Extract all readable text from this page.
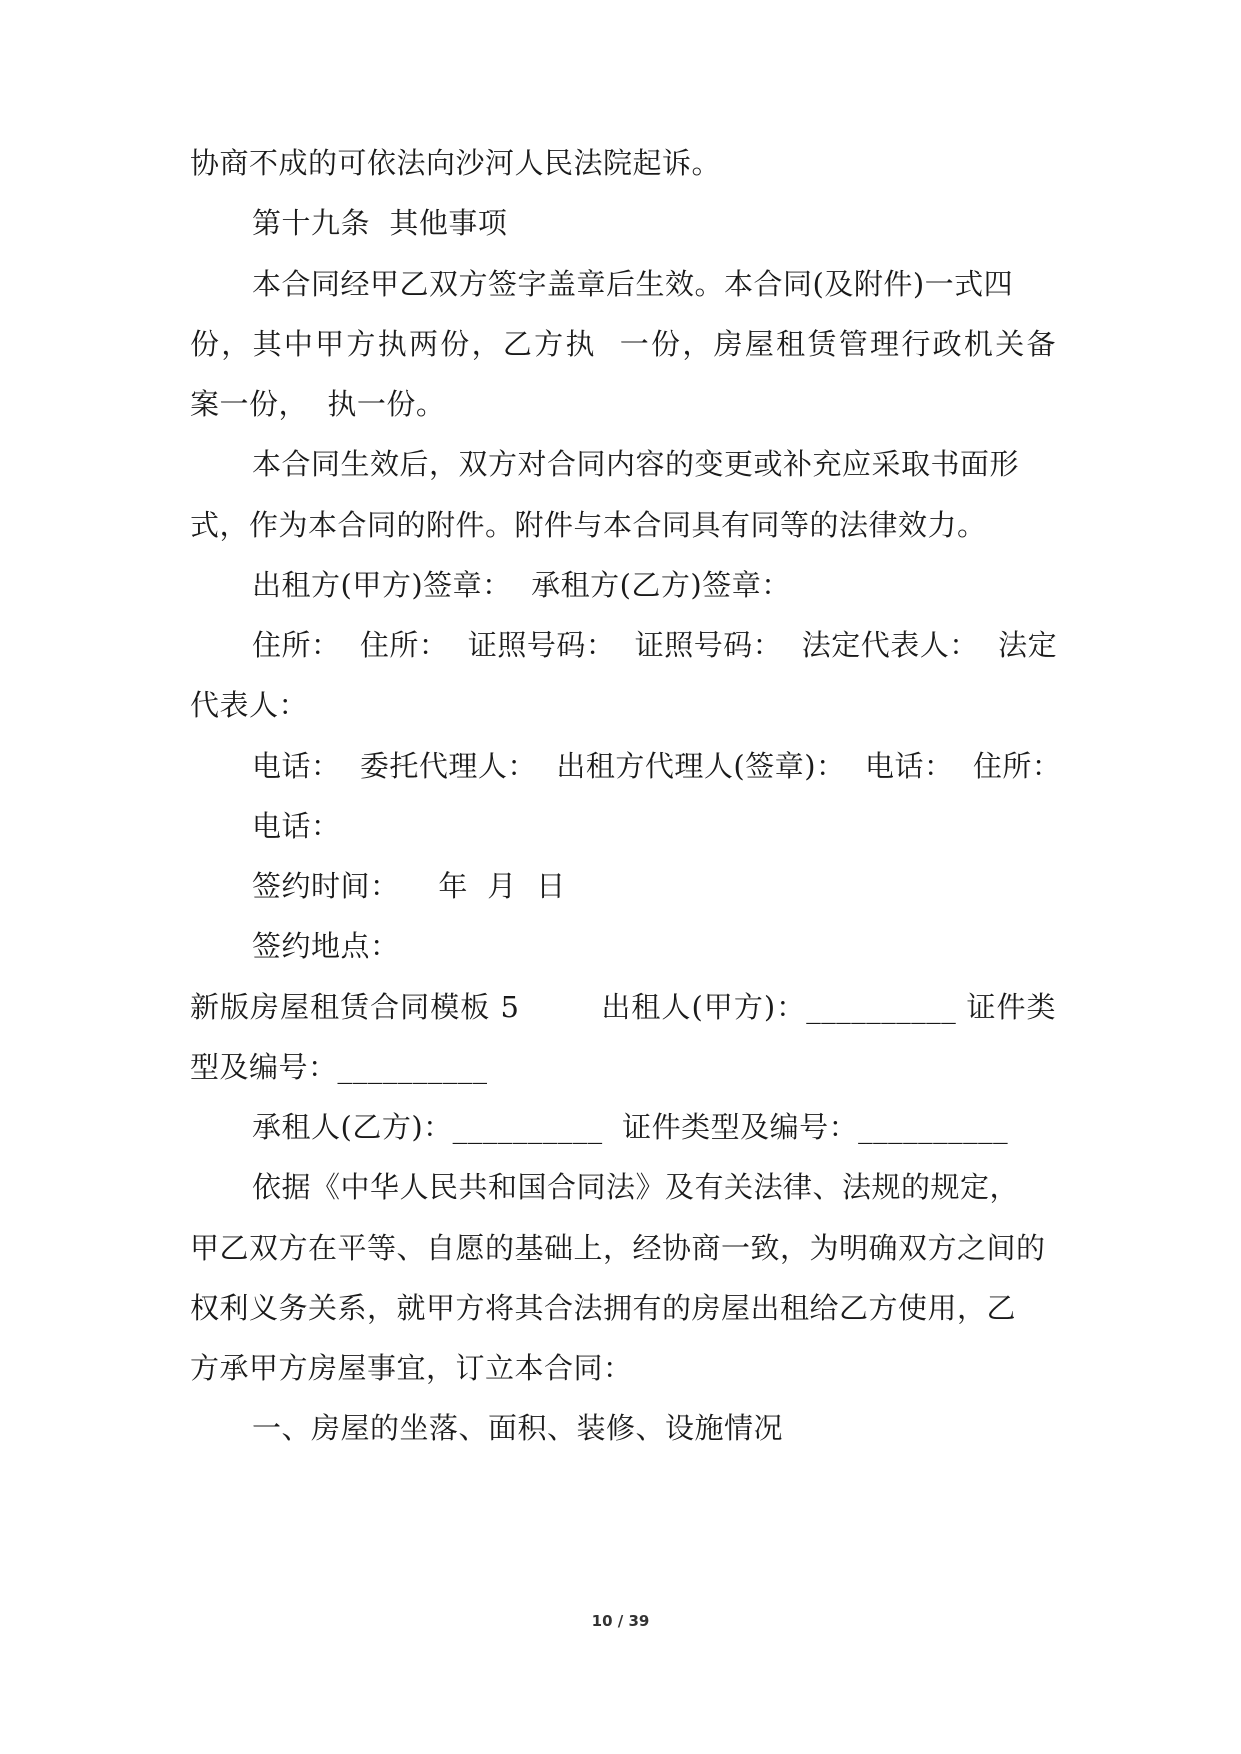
协商不成的可依法向沙河人民法院起诉。
第十九条  其他事项
本合同经甲乙双方签字盖章后生效。本合同(及附件)一式四
份，其中甲方执两份，乙方执  一份，房屋租赁管理行政机关备
案一份，  执一份。
本合同生效后，双方对合同内容的变更或补充应采取书面形
式，作为本合同的附件。附件与本合同具有同等的法律效力。
出租方(甲方)签章：  承租方(乙方)签章：
住所：  住所：  证照号码：  证照号码：  法定代表人：  法定
代表人：
电话：  委托代理人：  出租方代理人(签章)：  电话：  住所：
电话：
签约时间：    年  月  日
签约地点：
新版房屋租赁合同模板 5        出租人(甲方)：__________ 证件类
型及编号：__________
承租人(乙方)：__________  证件类型及编号：__________
依据《中华人民共和国合同法》及有关法律、法规的规定，
甲乙双方在平等、自愿的基础上，经协商一致，为明确双方之间的
权利义务关系，就甲方将其合法拥有的房屋出租给乙方使用，乙
方承甲方房屋事宜，订立本合同：
一、房屋的坐落、面积、装修、设施情况
10 / 39
